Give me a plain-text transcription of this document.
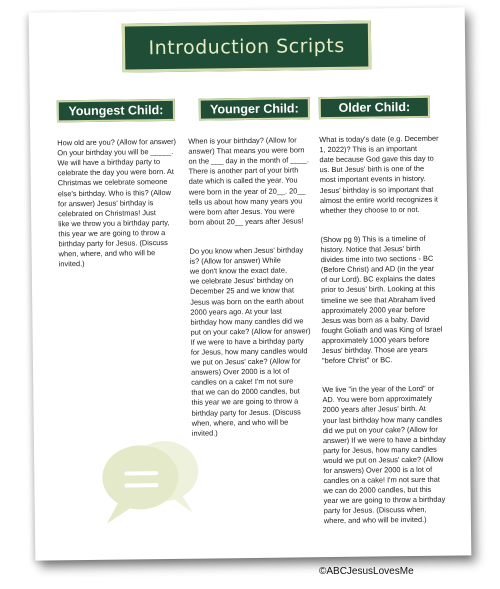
Introduction Scripts
Youngest Child:	Younger Child:	Older Child:

How old are you? (Allow for answer)
On your birthday you will be _____.
We will have a birthday party to
celebrate the day you were born. At
Christmas we celebrate someone
else's birthday. Who is this? (Allow
for answer) Jesus' birthday is
celebrated on Christmas! Just
like we throw you a birthday party,
this year we are going to throw a
birthday party for Jesus. (Discuss
when, where, and who will be
invited.)

When is your birthday? (Allow for
answer) That means you were born
on the ___ day in the month of ____.
There is another part of your birth
date which is called the year. You
were born in the year of 20__. 20__
tells us about how many years you
were born after Jesus. You were
born about 20__ years after Jesus!

Do you know when Jesus' birthday
is? (Allow for answer) While
we don't know the exact date,
we celebrate Jesus' birthday on
December 25 and we know that
Jesus was born on the earth about
2000 years ago. At your last
birthday how many candles did we
put on your cake? (Allow for answer)
If we were to have a birthday party
for Jesus, how many candles would
we put on Jesus' cake? (Allow for
answers) Over 2000 is a lot of
candles on a cake! I'm not sure
that we can do 2000 candles, but
this year we are going to throw a
birthday party for Jesus. (Discuss
when, where, and who will be
invited.)

What is today's date (e.g. December
1, 2022)? This is an important
date because God gave this day to
us. But Jesus' birth is one of the
most important events in history.
Jesus' birthday is so important that
almost the entire world recognizes it
whether they choose to or not.

(Show pg 9) This is a timeline of
history. Notice that Jesus' birth
divides time into two sections - BC
(Before Christ) and AD (in the year
of our Lord). BC explains the dates
prior to Jesus' birth. Looking at this
timeline we see that Abraham lived
approximately 2000 year before
Jesus was born as a baby. David
fought Goliath and was King of Israel
approximately 1000 years before
Jesus' birthday. Those are years
"before Christ" or BC.

We live "in the year of the Lord" or
AD. You were born approximately
2000 years after Jesus' birth. At
your last birthday how many candles
did we put on your cake? (Allow for
answer) If we were to have a birthday
party for Jesus, how many candles
would we put on Jesus' cake? (Allow
for answers) Over 2000 is a lot of
candles on a cake! I'm not sure that
we can do 2000 candles, but this
year we are going to throw a birthday
party for Jesus. (Discuss when,
where, and who will be invited.)

©ABCJesusLovesMe
